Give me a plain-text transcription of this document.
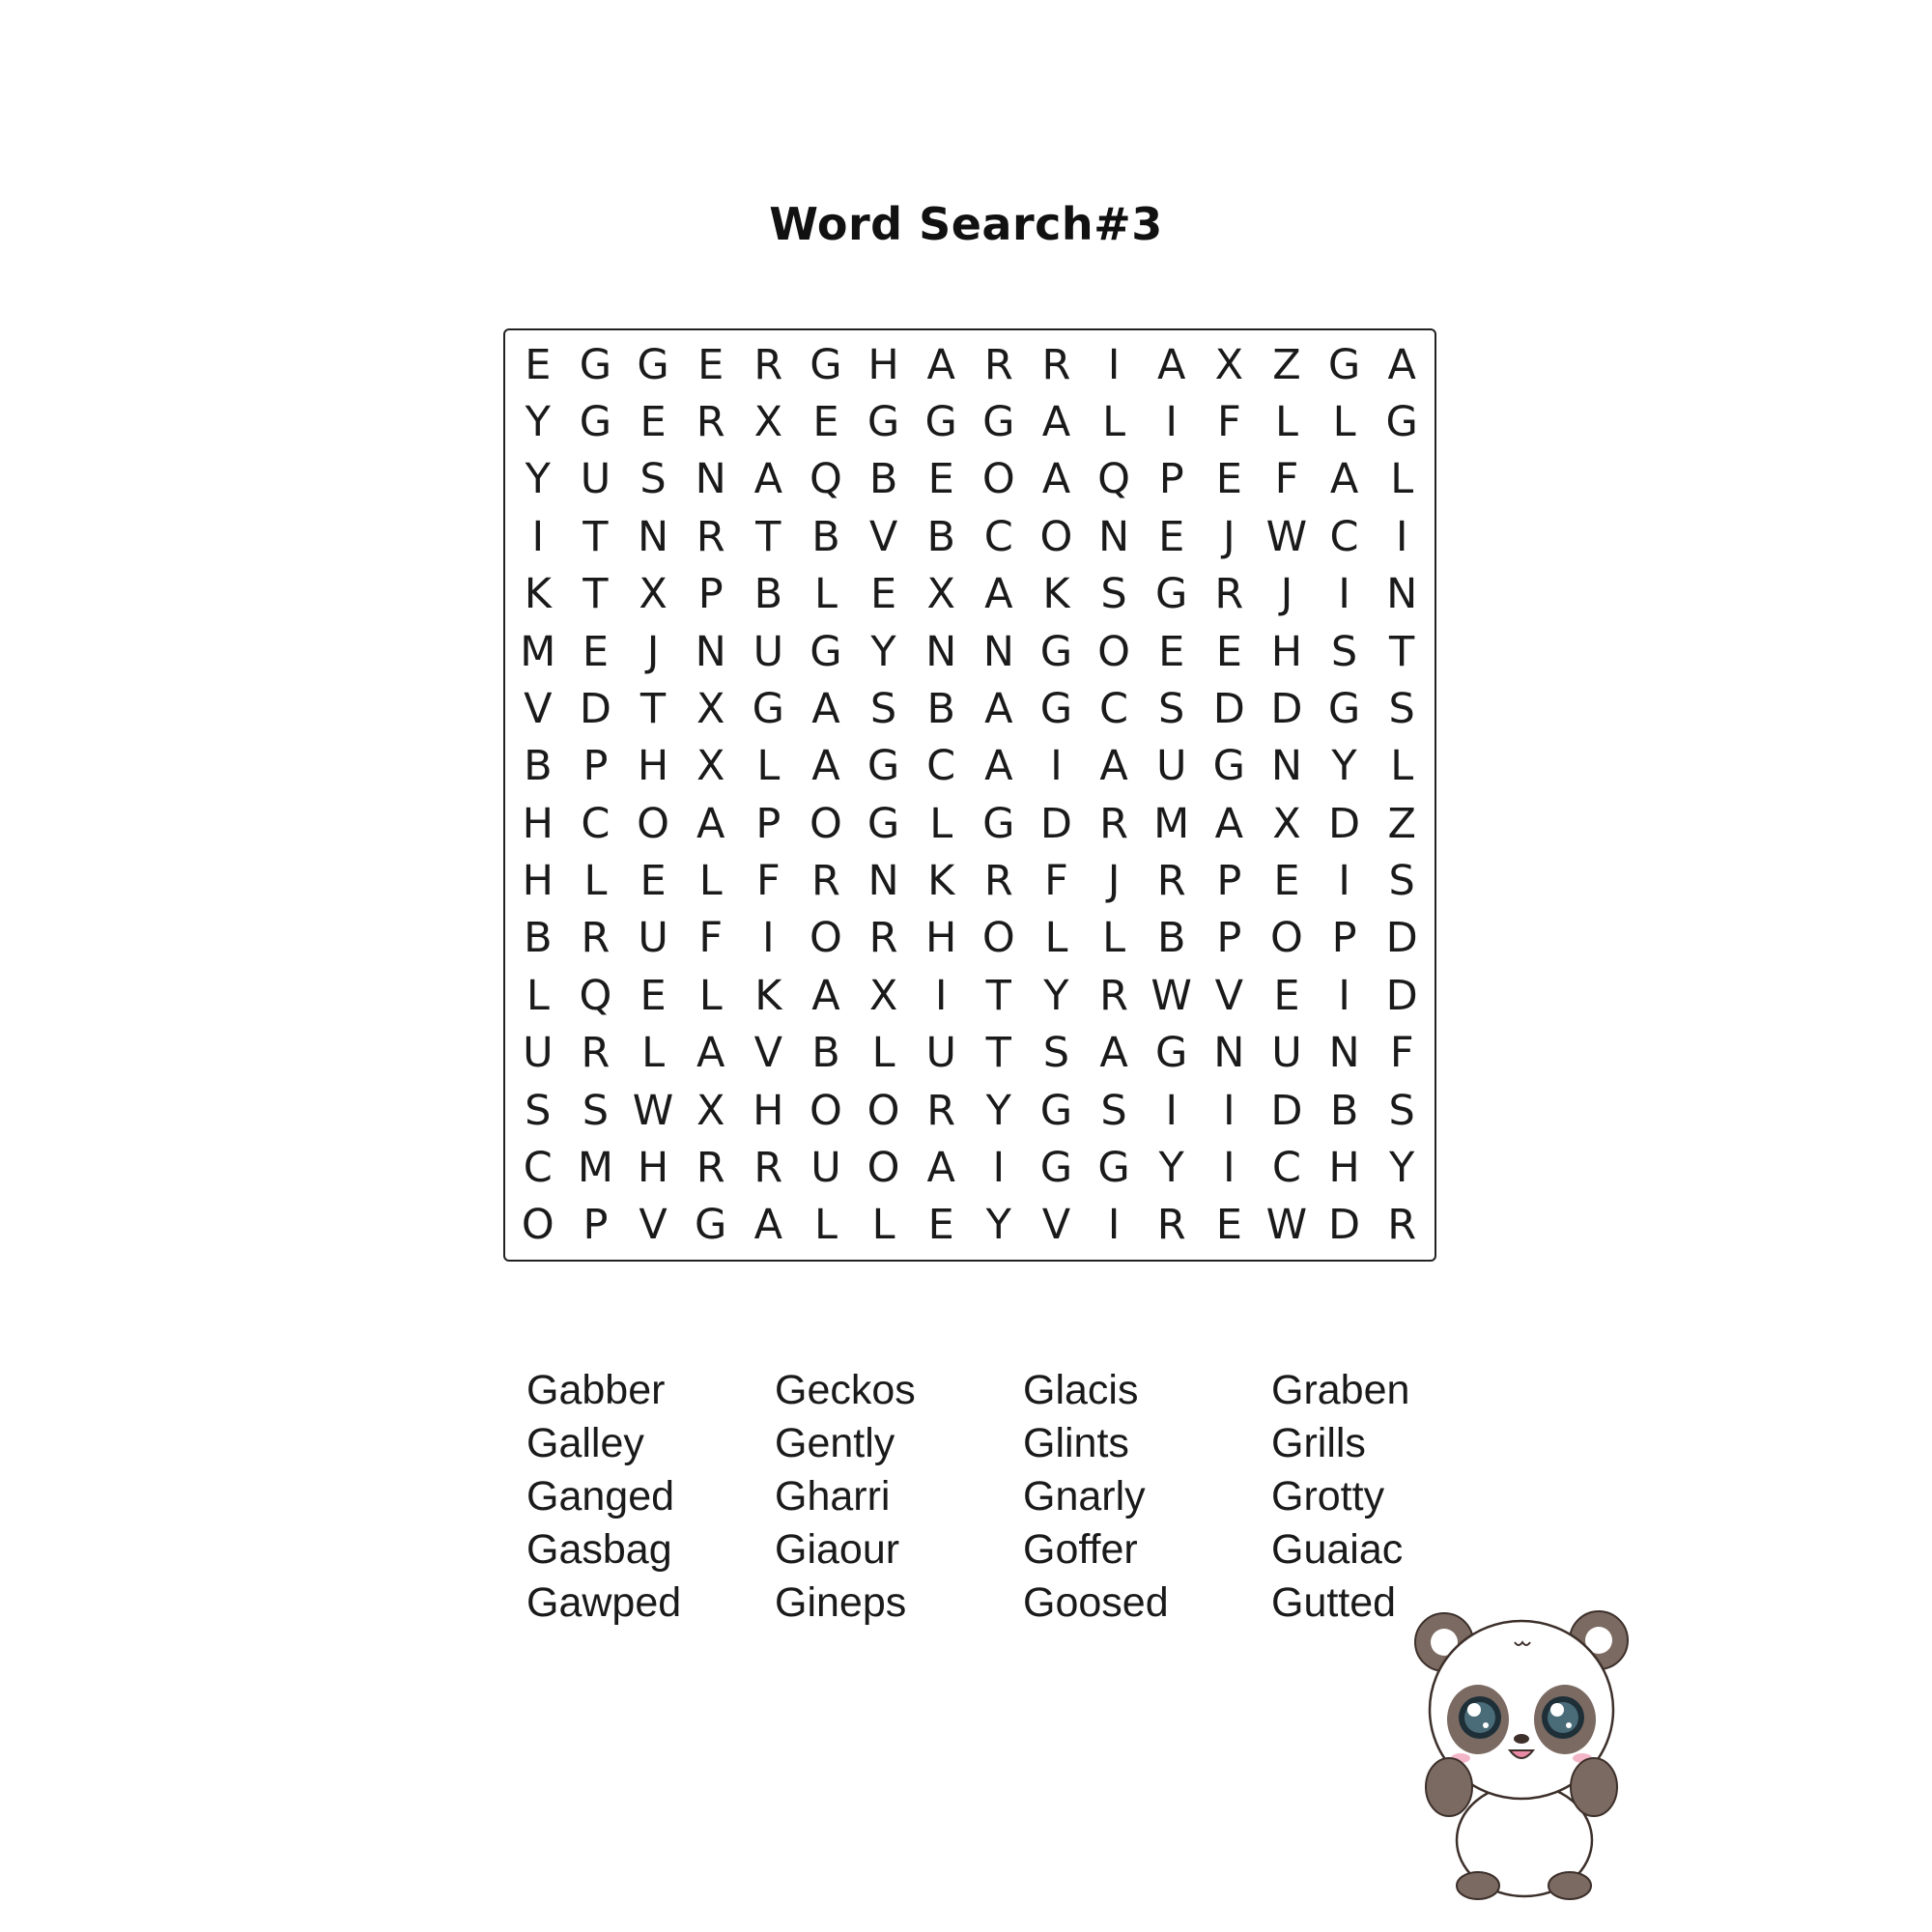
Word Search#3
E G G E R G H A R R I A X Z G A
Y G E R X E G G G A L I F L L G
Y U S N A Q B E O A Q P E F A L
I T N R T B V B C O N E J W C I
K T X P B L E X A K S G R J	I N
M E J N U G Y N N G O E E H S T
V D T X G A S B A G C S D D G S
B P H X L A G C A I A U G N Y L
H C O A P O G L G D R M A X D Z
H L E L F R N K R F J R P E I S
B R U F I O R H O L L B P O P D
L Q E L K A X I T Y R W V E I D
U R L A V B L U T S A G N U N F
S S W X H O O R Y G S I	I D B S
C M H R R U O A I G G Y I C H Y
O P V G A L L E Y V I R E W D R
Gabber
Galley
Ganged
Gasbag
Gawped
Geckos
Gently
Gharri
Giaour
Gineps
Glacis
Glints
Gnarly
Goffer
Goosed
Graben
Grills
Grotty
Guaiac
Gutted
